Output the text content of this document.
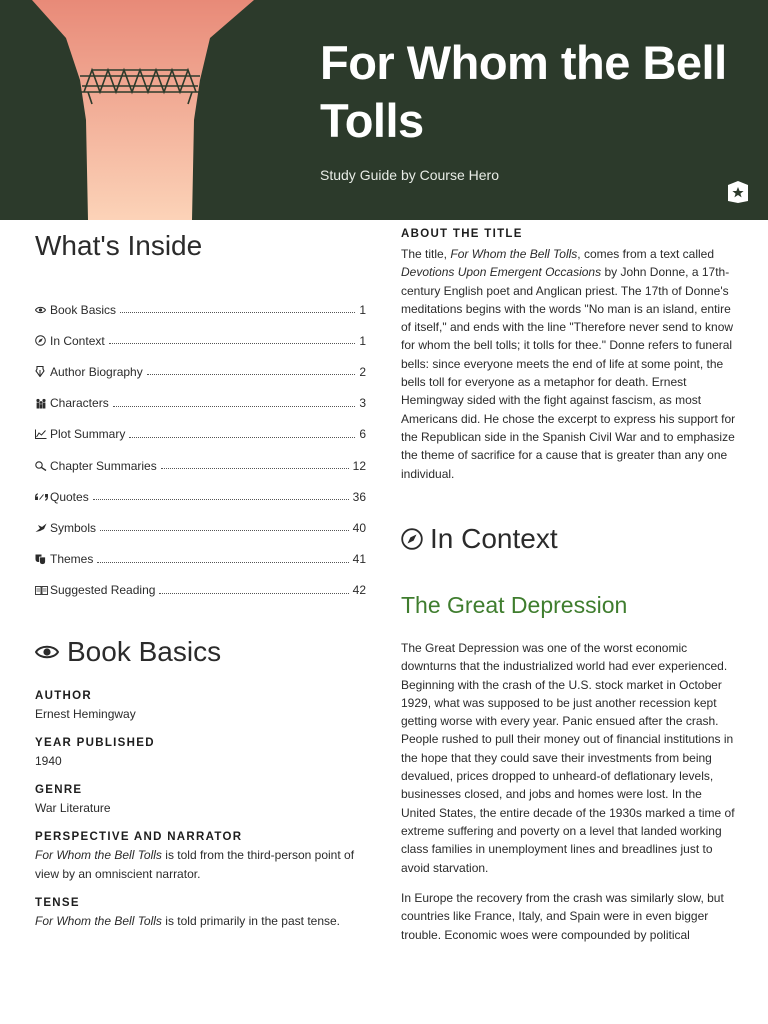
For Whom the Bell Tolls
Study Guide by Course Hero
What's Inside
Book Basics	1
In Context	1
Author Biography	2
Characters	3
Plot Summary	6
Chapter Summaries	12
Quotes	36
Symbols	40
Themes	41
Suggested Reading	42
Book Basics
AUTHOR
Ernest Hemingway
YEAR PUBLISHED
1940
GENRE
War Literature
PERSPECTIVE AND NARRATOR
For Whom the Bell Tolls is told from the third-person point of view by an omniscient narrator.
TENSE
For Whom the Bell Tolls is told primarily in the past tense.
ABOUT THE TITLE
The title, For Whom the Bell Tolls, comes from a text called Devotions Upon Emergent Occasions by John Donne, a 17th-century English poet and Anglican priest. The 17th of Donne's meditations begins with the words "No man is an island, entire of itself," and ends with the line "Therefore never send to know for whom the bell tolls; it tolls for thee." Donne refers to funeral bells: since everyone meets the end of life at some point, the bells toll for everyone as a metaphor for death. Ernest Hemingway sided with the fight against fascism, as most Americans did. He chose the excerpt to express his support for the Republican side in the Spanish Civil War and to emphasize the theme of sacrifice for a cause that is greater than any one individual.
In Context
The Great Depression
The Great Depression was one of the worst economic downturns that the industrialized world had ever experienced. Beginning with the crash of the U.S. stock market in October 1929, what was supposed to be just another recession kept getting worse with every year. Panic ensued after the crash. People rushed to pull their money out of financial institutions in the hope that they could save their investments from being devalued, prices dropped to unheard-of deflationary levels, businesses closed, and jobs and homes were lost. In the United States, the entire decade of the 1930s marked a time of extreme suffering and poverty on a level that landed working class families in unemployment lines and breadlines just to avoid starvation.
In Europe the recovery from the crash was similarly slow, but countries like France, Italy, and Spain were in even bigger trouble. Economic woes were compounded by political
